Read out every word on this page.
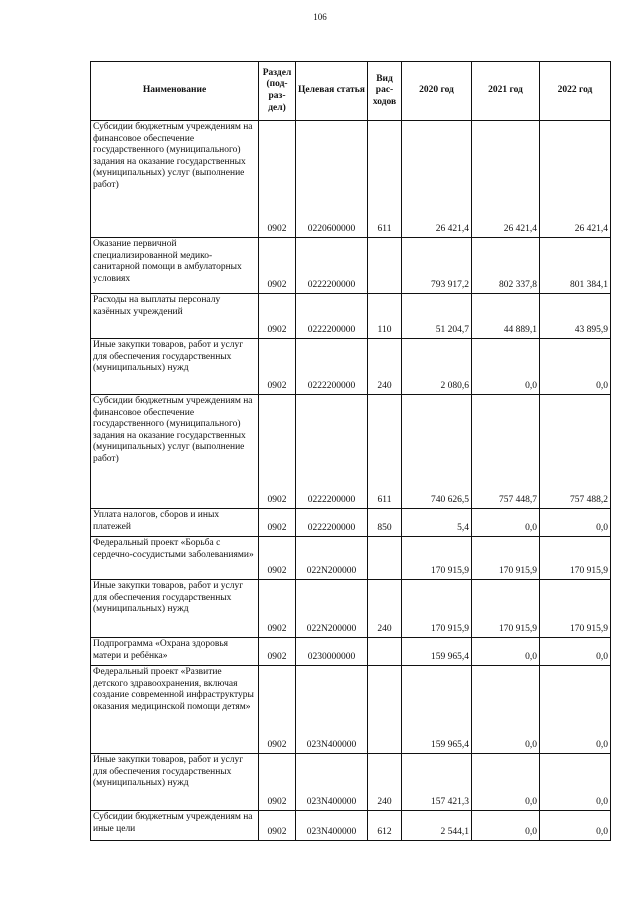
106
Наименование	Раздел (под-раз-дел)	Целевая статья	Вид рас-ходов	2020 год	2021 год	2022 год
Субсидии бюджетным учреждениям на финансовое обеспечение государственного (муниципального) задания на оказание государственных (муниципальных) услуг (выполнение работ)	0902	0220600000	611	26 421,4	26 421,4	26 421,4
Оказание первичной специализированной медико-санитарной помощи в амбулаторных условиях	0902	0222200000		793 917,2	802 337,8	801 384,1
Расходы на выплаты персоналу казённых учреждений	0902	0222200000	110	51 204,7	44 889,1	43 895,9
Иные закупки товаров, работ и услуг для обеспечения государственных (муниципальных) нужд	0902	0222200000	240	2 080,6	0,0	0,0
Субсидии бюджетным учреждениям на финансовое обеспечение государственного (муниципального) задания на оказание государственных (муниципальных) услуг (выполнение работ)	0902	0222200000	611	740 626,5	757 448,7	757 488,2
Уплата налогов, сборов и иных платежей	0902	0222200000	850	5,4	0,0	0,0
Федеральный проект «Борьба с сердечно-сосудистыми заболеваниями»	0902	022N200000		170 915,9	170 915,9	170 915,9
Иные закупки товаров, работ и услуг для обеспечения государственных (муниципальных) нужд	0902	022N200000	240	170 915,9	170 915,9	170 915,9
Подпрограмма «Охрана здоровья матери и ребёнка»	0902	0230000000		159 965,4	0,0	0,0
Федеральный проект «Развитие детского здравоохранения, включая создание современной инфраструктуры оказания медицинской помощи детям»	0902	023N400000		159 965,4	0,0	0,0
Иные закупки товаров, работ и услуг для обеспечения государственных (муниципальных) нужд	0902	023N400000	240	157 421,3	0,0	0,0
Субсидии бюджетным учреждениям на иные цели	0902	023N400000	612	2 544,1	0,0	0,0
